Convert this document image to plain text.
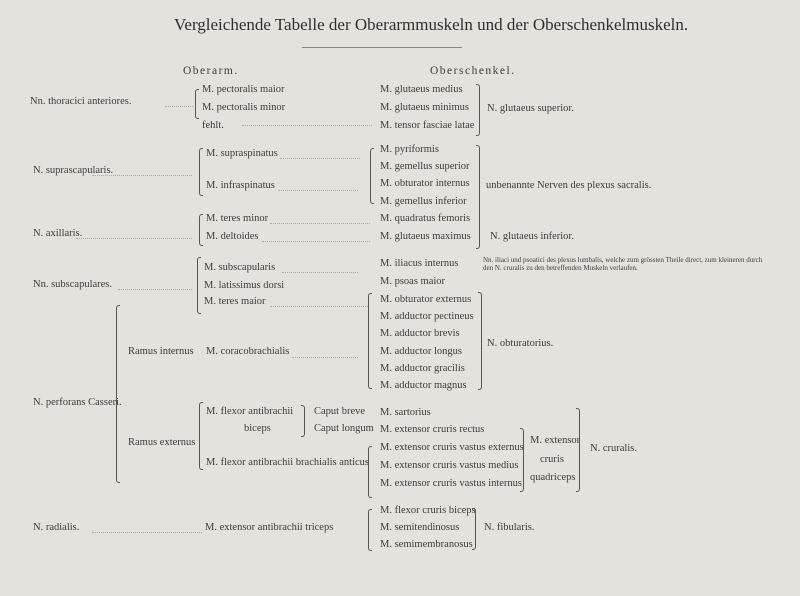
Vergleichende Tabelle der Oberarmmuskeln und der Oberschenkelmuskeln.
Oberarm.	Oberschenkel.
Nn. thoracici anteriores.
N. suprascapularis.
N. axillaris.
Nn. subscapulares.
N. perforans Casseri.
Ramus internus
Ramus externus
N. radialis.
M. pectoralis maior
M. pectoralis minor
fehlt.
M. supraspinatus
M. infraspinatus
M. teres minor
M. deltoides
M. subscapularis
M. latissimus dorsi
M. teres maior
M. coracobrachialis
M. flexor antibrachii
biceps
Caput breve
Caput longum
M. flexor antibrachii brachialis anticus
M. extensor antibrachii triceps
M. glutaeus medius
M. glutaeus minimus
M. tensor fasciae latae
M. pyriformis
M. gemellus superior
M. obturator internus
M. gemellus inferior
M. quadratus femoris
M. glutaeus maximus
M. iliacus internus
M. psoas maior
M. obturator externus
M. adductor pectineus
M. adductor brevis
M. adductor longus
M. adductor gracilis
M. adductor magnus
M. sartorius
M. extensor cruris rectus
M. extensor cruris vastus externus
M. extensor cruris vastus medius
M. extensor cruris vastus internus
M. flexor cruris biceps
M. semitendinosus
M. semimembranosus
N. glutaeus superior.
unbenannte Nerven des plexus sacralis.
N. glutaeus inferior.
Nn. iliaci und psoatici des plexus lumbalis, welche zum grössten Theile direct, zum kleineren durch den N. cruralis zu den betreffenden Muskeln verlaufen.
N. obturatorius.
M. extensor
cruris
quadriceps
N. cruralis.
N. fibularis.
